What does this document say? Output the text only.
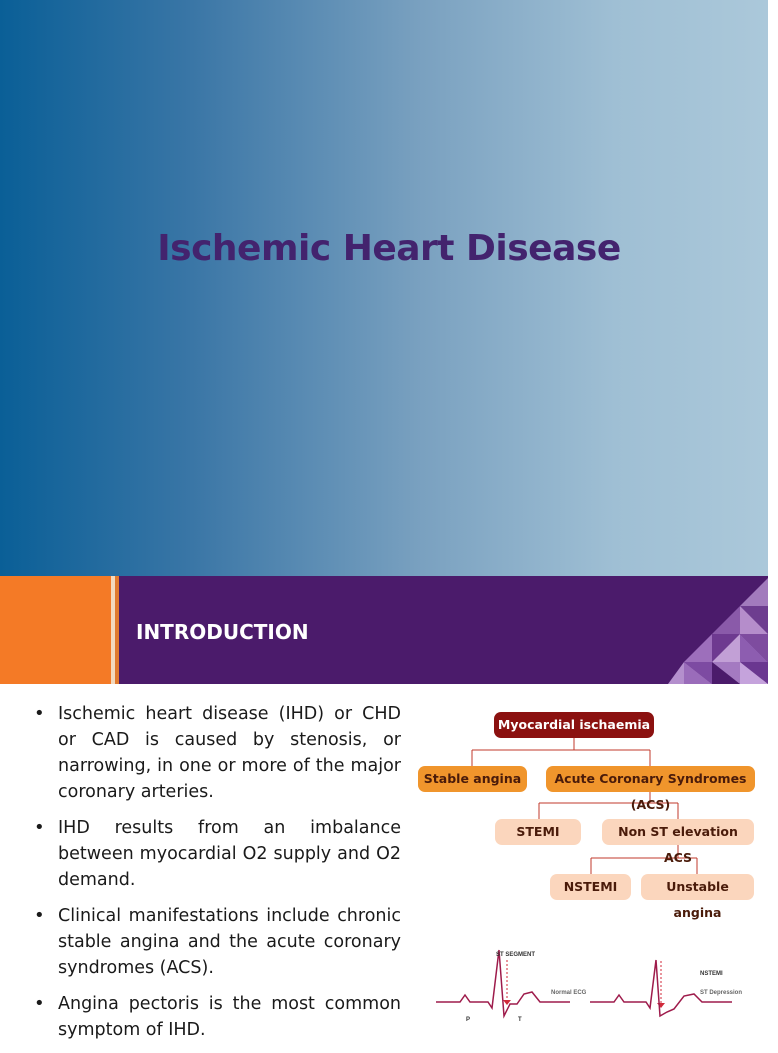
Ischemic Heart Disease
INTRODUCTION
• Ischemic heart disease (IHD) or CHD or CAD is caused by stenosis, or narrowing, in one or more of the major coronary arteries.
• IHD results from an imbalance between myocardial O2 supply and O2 demand.
• Clinical manifestations include chronic stable angina and the acute coronary syndromes (ACS).
• Angina pectoris is the most common symptom of IHD.
Myocardial ischaemia
Stable angina	Acute Coronary Syndromes (ACS)
STEMI	Non ST elevation ACS
NSTEMI	Unstable angina
ST SEGMENT
Normal ECG
P	T
NSTEMI
ST Depression
